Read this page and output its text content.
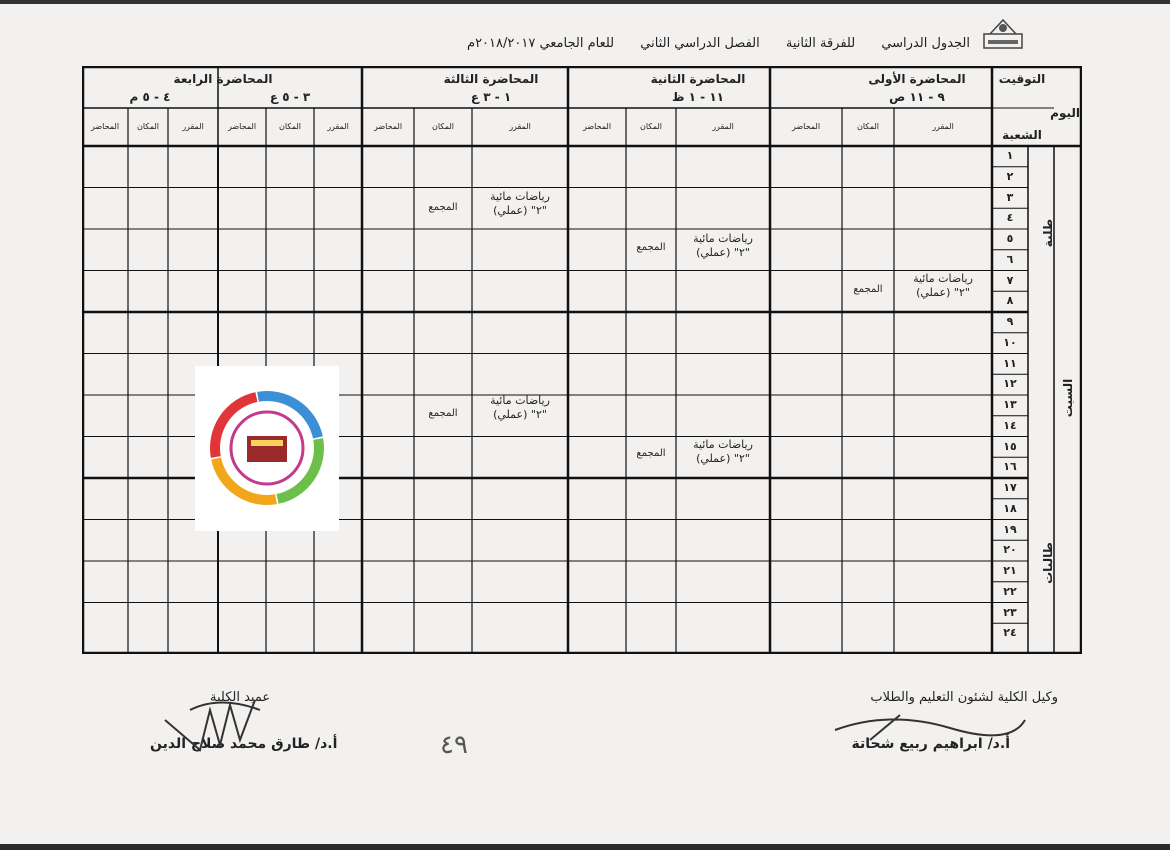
الجدول الدراسي للفرقة الثانية الفصل الدراسي الثاني للعام الجامعي ٢٠١٨/٢٠١٧م
المحاضرة الأولى
٩ - ١١ ص
المحاضرة الثانية
١١ - ١ ظ
المحاضرة الثالثة
١ - ٣ ع
المحاضرة الرابعة
٣ - ٥ ع
٤ - ٥ م
التوقيت
اليوم
الشعبة
المقرر
المكان
المحاضر
المقرر
المكان
المحاضر
المقرر
المكان
المحاضر
المقرر
المكان
المحاضر
المقرر
المكان
المحاضر
١
٢
٣
٤
٥
٦
٧
٨
٩
١٠
١١
١٢
١٣
١٤
١٥
١٦
١٧
١٨
١٩
٢٠
٢١
٢٢
٢٣
٢٤
طلبة
طالبات
السبت
رياضات مائية
"٢" (عملي)
المجمع
رياضات مائية
"٢" (عملي)
المجمع
رياضات مائية
"٢" (عملي)
المجمع
رياضات مائية
"٢" (عملي)
المجمع
رياضات مائية
"٢" (عملي)
المجمع
وكيل الكلية لشئون التعليم والطلاب
أ.د/ ابراهيم ربيع شحاتة
عميد الكلية
أ.د/ طارق محمد صلاح الدين	٤٩
